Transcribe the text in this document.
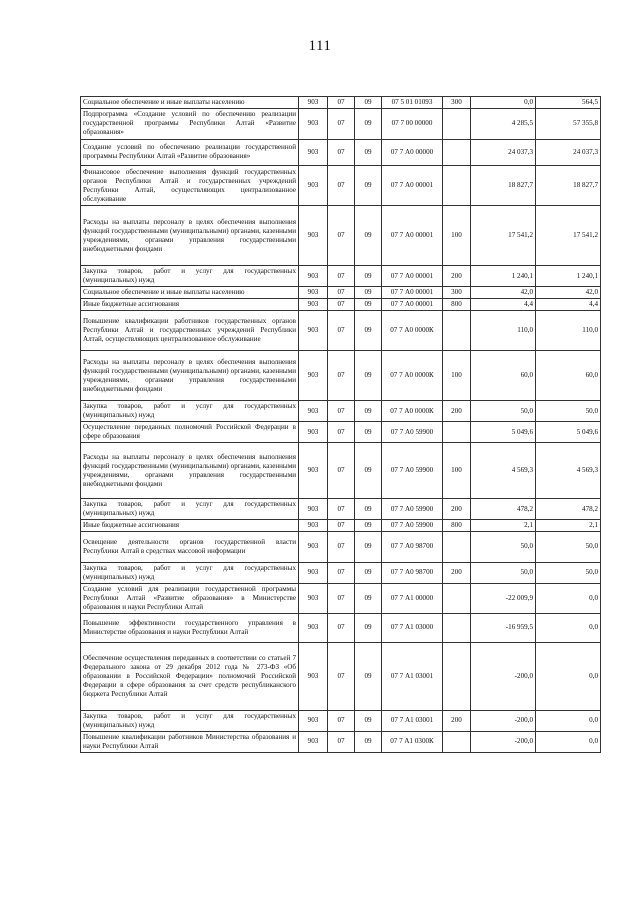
111
Социальное обеспечение и иные выплаты населению	903	07	09	07 5 01 01093	300	0,0	564,5
Подпрограмма «Создание условий по обеспечению реализации государственной программы Республики Алтай «Развитие образования»	903	07	09	07 7 00 00000		4 285,5	57 355,8
Создание условий по обеспечению реализации государственной программы Республики Алтай «Развитие образования»	903	07	09	07 7 А0 00000		24 037,3	24 037,3
Финансовое обеспечение выполнения функций государственных органов Республики Алтай и государственных учреждений Республики Алтай, осуществляющих централизованное обслуживание	903	07	09	07 7 А0 00001		18 827,7	18 827,7
Расходы на выплаты персоналу в целях обеспечения выполнения функций государственными (муниципальными) органами, казенными учреждениями, органами управления государственными внебюджетными фондами	903	07	09	07 7 А0 00001	100	17 541,2	17 541,2
Закупка товаров, работ и услуг для государственных (муниципальных) нужд	903	07	09	07 7 А0 00001	200	1 240,1	1 240,1
Социальное обеспечение и иные выплаты населению	903	07	09	07 7 А0 00001	300	42,0	42,0
Иные бюджетные ассигнования	903	07	09	07 7 А0 00001	800	4,4	4,4
Повышение квалификации работников государственных органов Республики Алтай и государственных учреждений Республики Алтай, осуществляющих централизованное обслуживание	903	07	09	07 7 А0 0000К		110,0	110,0
Расходы на выплаты персоналу в целях обеспечения выполнения функций государственными (муниципальными) органами, казенными учреждениями, органами управления государственными внебюджетными фондами	903	07	09	07 7 А0 0000К	100	60,0	60,0
Закупка товаров, работ и услуг для государственных (муниципальных) нужд	903	07	09	07 7 А0 0000К	200	50,0	50,0
Осуществление переданных полномочий Российской Федерации в сфере образования	903	07	09	07 7 А0 59900		5 049,6	5 049,6
Расходы на выплаты персоналу в целях обеспечения выполнения функций государственными (муниципальными) органами, казенными учреждениями, органами управления государственными внебюджетными фондами	903	07	09	07 7 А0 59900	100	4 569,3	4 569,3
Закупка товаров, работ и услуг для государственных (муниципальных) нужд	903	07	09	07 7 А0 59900	200	478,2	478,2
Иные бюджетные ассигнования	903	07	09	07 7 А0 59900	800	2,1	2,1
Освещение деятельности органов государственной власти Республики Алтай в средствах массовой информации	903	07	09	07 7 А0 98700		50,0	50,0
Закупка товаров, работ и услуг для государственных (муниципальных) нужд	903	07	09	07 7 А0 98700	200	50,0	50,0
Создание условий для реализации государственной программы Республики Алтай «Развитие образования» в Министерстве образования и науки Республики Алтай	903	07	09	07 7 А1 00000		-22 009,9	0,0
Повышение эффективности государственного управления в Министерстве образования и науки Республики Алтай	903	07	09	07 7 А1 03000		-16 959,5	0,0
Обеспечение осуществления переданных в соответствии со статьей 7 Федерального закона от 29 декабря 2012 года № 273-ФЗ «Об образовании в Российской Федерации» полномочий Российской Федерации в сфере образования за счет средств республиканского бюджета Республики Алтай	903	07	09	07 7 А1 03001		-200,0	0,0
Закупка товаров, работ и услуг для государственных (муниципальных) нужд	903	07	09	07 7 А1 03001	200	-200,0	0,0
Повышение квалификации работников Министерства образования и науки Республики Алтай	903	07	09	07 7 А1 0300К		-200,0	0,0
